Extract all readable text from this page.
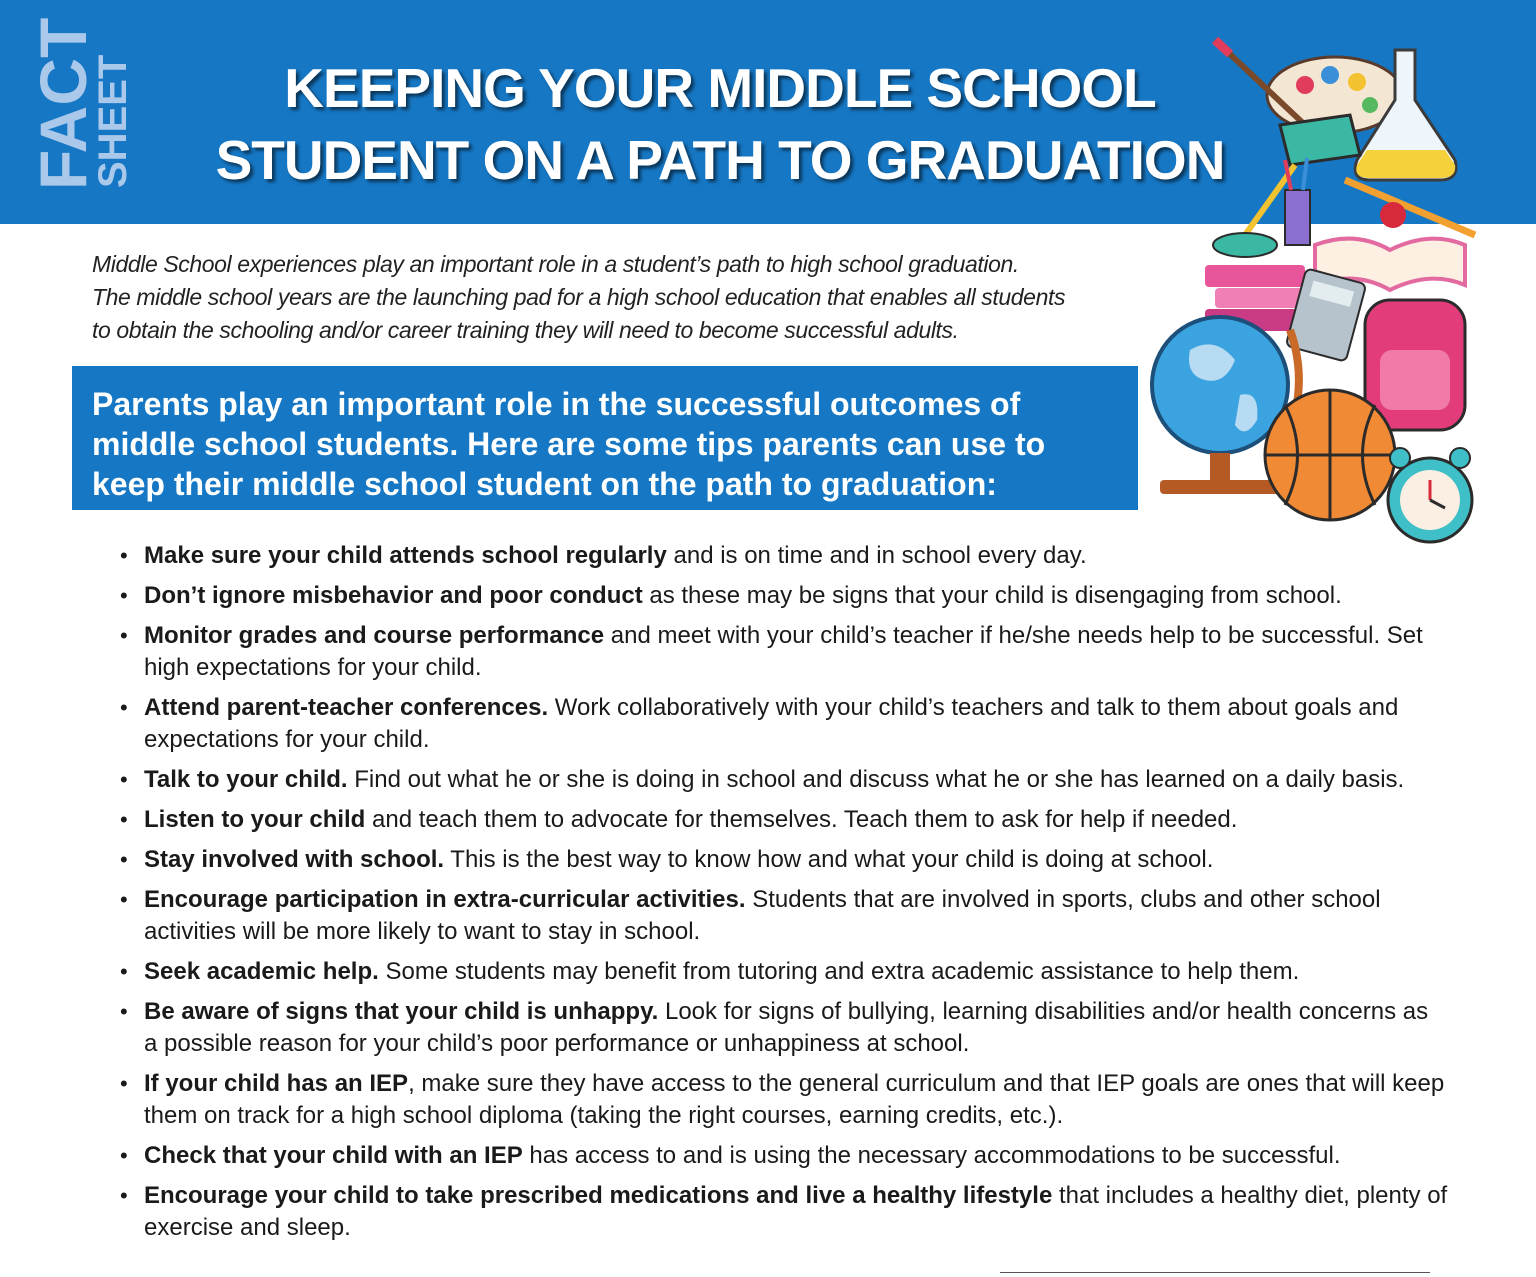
FACT
SHEET	KEEPING YOUR MIDDLE SCHOOL
STUDENT ON A PATH TO GRADUATION

Middle School experiences play an important role in a student’s path to high school graduation.
The middle school years are the launching pad for a high school education that enables all students
to obtain the schooling and/or career training they will need to become successful adults.

Parents play an important role in the successful outcomes of
middle school students. Here are some tips parents can use to
keep their middle school student on the path to graduation:

• Make sure your child attends school regularly and is on time and in school every day.
• Don’t ignore misbehavior and poor conduct as these may be signs that your child is disengaging from school.
• Monitor grades and course performance and meet with your child’s teacher if he/she needs help to be successful. Set high expectations for your child.
• Attend parent-teacher conferences. Work collaboratively with your child’s teachers and talk to them about goals and expectations for your child.
• Talk to your child. Find out what he or she is doing in school and discuss what he or she has learned on a daily basis.
• Listen to your child and teach them to advocate for themselves. Teach them to ask for help if needed.
• Stay involved with school. This is the best way to know how and what your child is doing at school.
• Encourage participation in extra-curricular activities. Students that are involved in sports, clubs and other school activities will be more likely to want to stay in school.
• Seek academic help. Some students may benefit from tutoring and extra academic assistance to help them.
• Be aware of signs that your child is unhappy. Look for signs of bullying, learning disabilities and/or health concerns as a possible reason for your child’s poor performance or unhappiness at school.
• If your child has an IEP, make sure they have access to the general curriculum and that IEP goals are ones that will keep them on track for a high school diploma (taking the right courses, earning credits, etc.).
• Check that your child with an IEP has access to and is using the necessary accommodations to be successful.
• Encourage your child to take prescribed medications and live a healthy lifestyle that includes a healthy diet, plenty of exercise and sleep.
